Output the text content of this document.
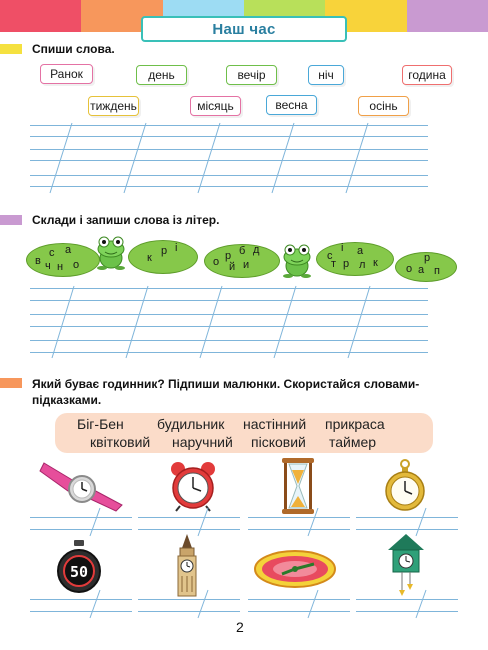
Наш час
Спиши слова.
Ранок	день	вечір	ніч	година
тиждень	місяць	весна	осінь
Склади і запиши слова із літер.
в
с а
ч н о
к
р і
о р б д
й и
с
і а
т р л к	о а
р
п
Який буває годинник? Підпиши малюнки. Скористайся словами-
підказками.
Біг-Бен будильник настінний прикраса
квітковий наручний пісковий таймер
50
2
